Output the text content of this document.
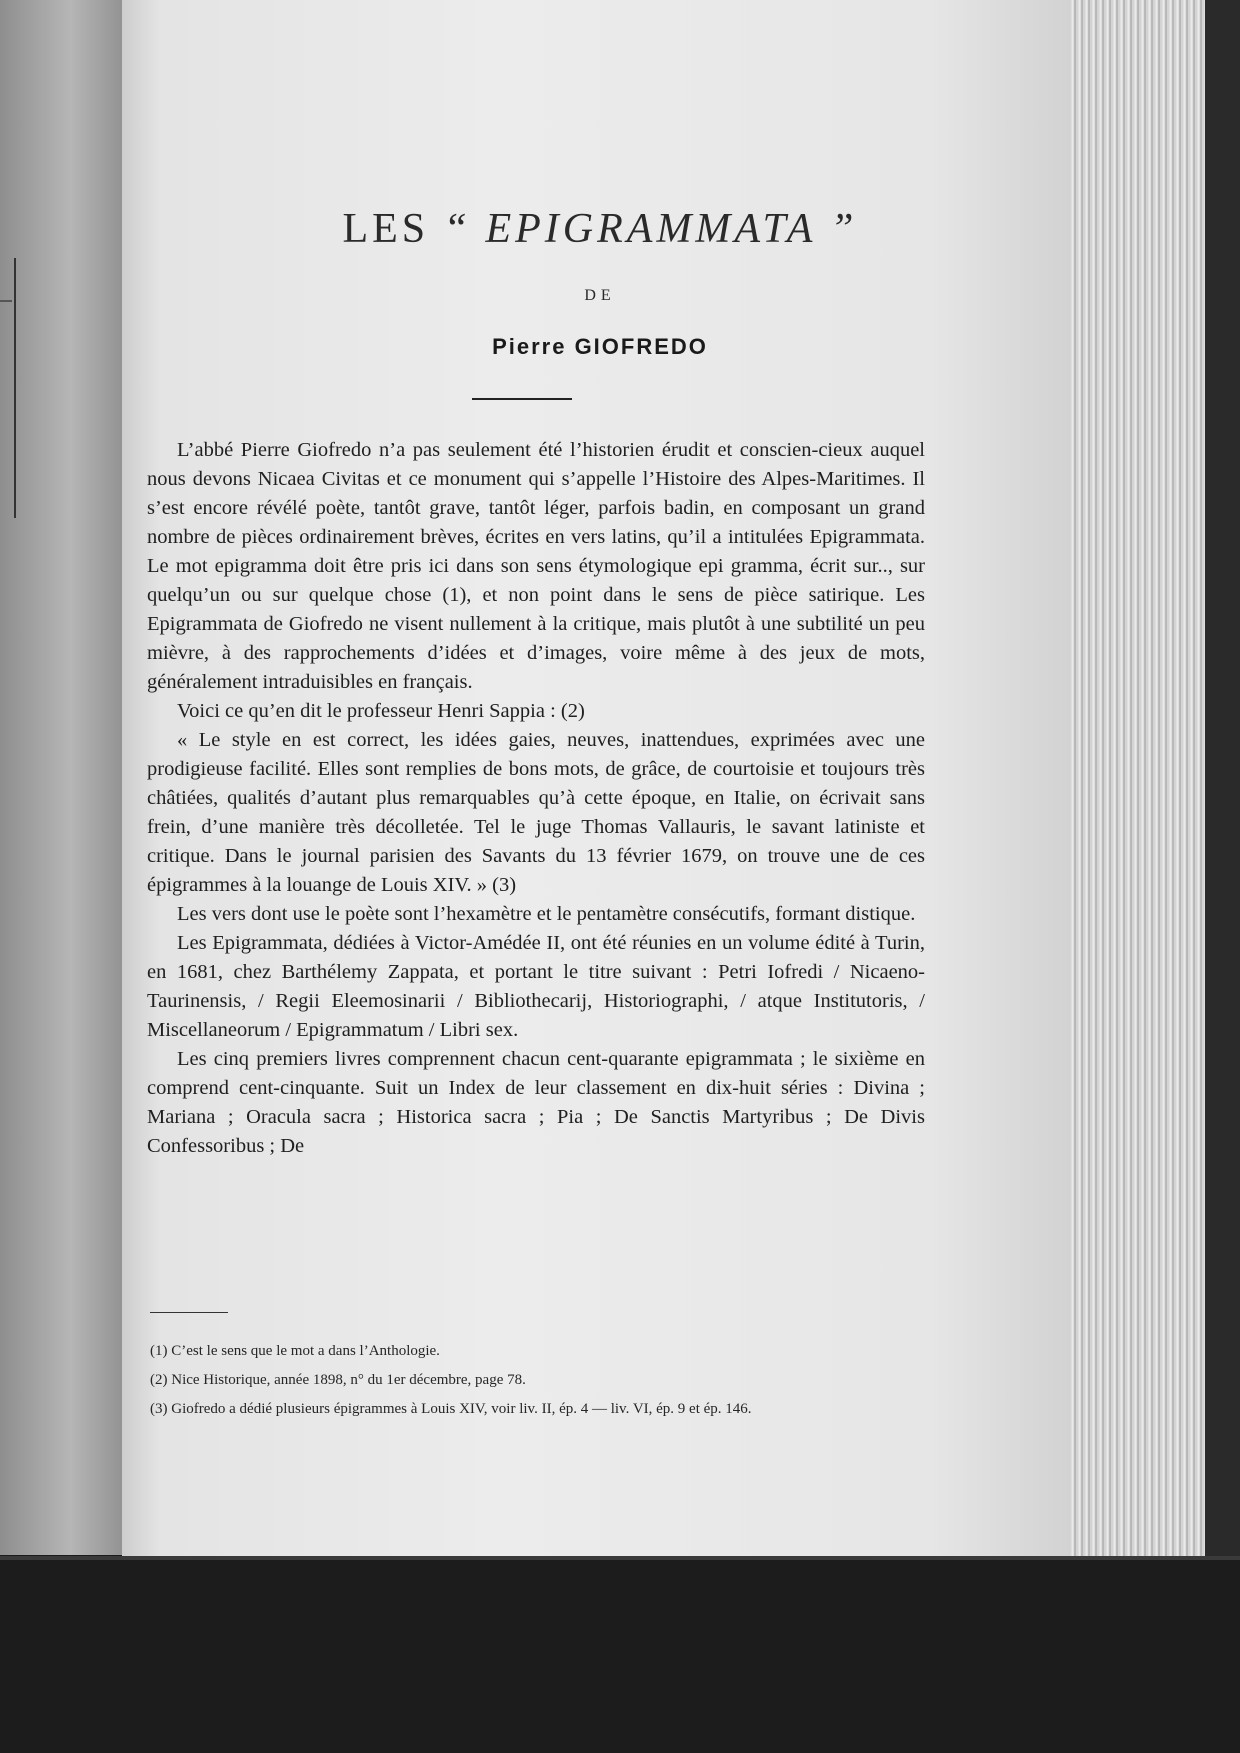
LES “ EPIGRAMMATA ”
DE
Pierre GIOFREDO

L’abbé Pierre Giofredo n’a pas seulement été l’historien érudit et conscien-cieux auquel nous devons Nicaea Civitas et ce monument qui s’appelle l’Histoire des Alpes-Maritimes. Il s’est encore révélé poète, tantôt grave, tantôt léger, parfois badin, en composant un grand nombre de pièces ordinairement brèves, écrites en vers latins, qu’il a intitulées Epigrammata. Le mot epigramma doit être pris ici dans son sens étymologique epi gramma, écrit sur.., sur quelqu’un ou sur quelque chose (1), et non point dans le sens de pièce satirique. Les Epigrammata de Giofredo ne visent nullement à la critique, mais plutôt à une subtilité un peu mièvre, à des rapprochements d’idées et d’images, voire même à des jeux de mots, généralement intraduisibles en français.

Voici ce qu’en dit le professeur Henri Sappia : (2)

« Le style en est correct, les idées gaies, neuves, inattendues, exprimées avec une prodigieuse facilité. Elles sont remplies de bons mots, de grâce, de courtoisie et toujours très châtiées, qualités d’autant plus remarquables qu’à cette époque, en Italie, on écrivait sans frein, d’une manière très décolletée. Tel le juge Thomas Vallauris, le savant latiniste et critique. Dans le journal parisien des Savants du 13 février 1679, on trouve une de ces épigrammes à la louange de Louis XIV. » (3)

Les vers dont use le poète sont l’hexamètre et le pentamètre consécutifs, formant distique.

Les Epigrammata, dédiées à Victor-Amédée II, ont été réunies en un volume édité à Turin, en 1681, chez Barthélemy Zappata, et portant le titre suivant : Petri Iofredi / Nicaeno-Taurinensis, / Regii Eleemosinarii / Bibliothecarij, Historiographi, / atque Institutoris, / Miscellaneorum / Epigrammatum / Libri sex.

Les cinq premiers livres comprennent chacun cent-quarante epigrammata ; le sixième en comprend cent-cinquante. Suit un Index de leur classement en dix-huit séries : Divina ; Mariana ; Oracula sacra ; Historica sacra ; Pia ; De Sanctis Martyribus ; De Divis Confessoribus ; De

(1) C’est le sens que le mot a dans l’Anthologie.
(2) Nice Historique, année 1898, n° du 1er décembre, page 78.
(3) Giofredo a dédié plusieurs épigrammes à Louis XIV, voir liv. II, ép. 4 — liv. VI, ép. 9 et ép. 146.
